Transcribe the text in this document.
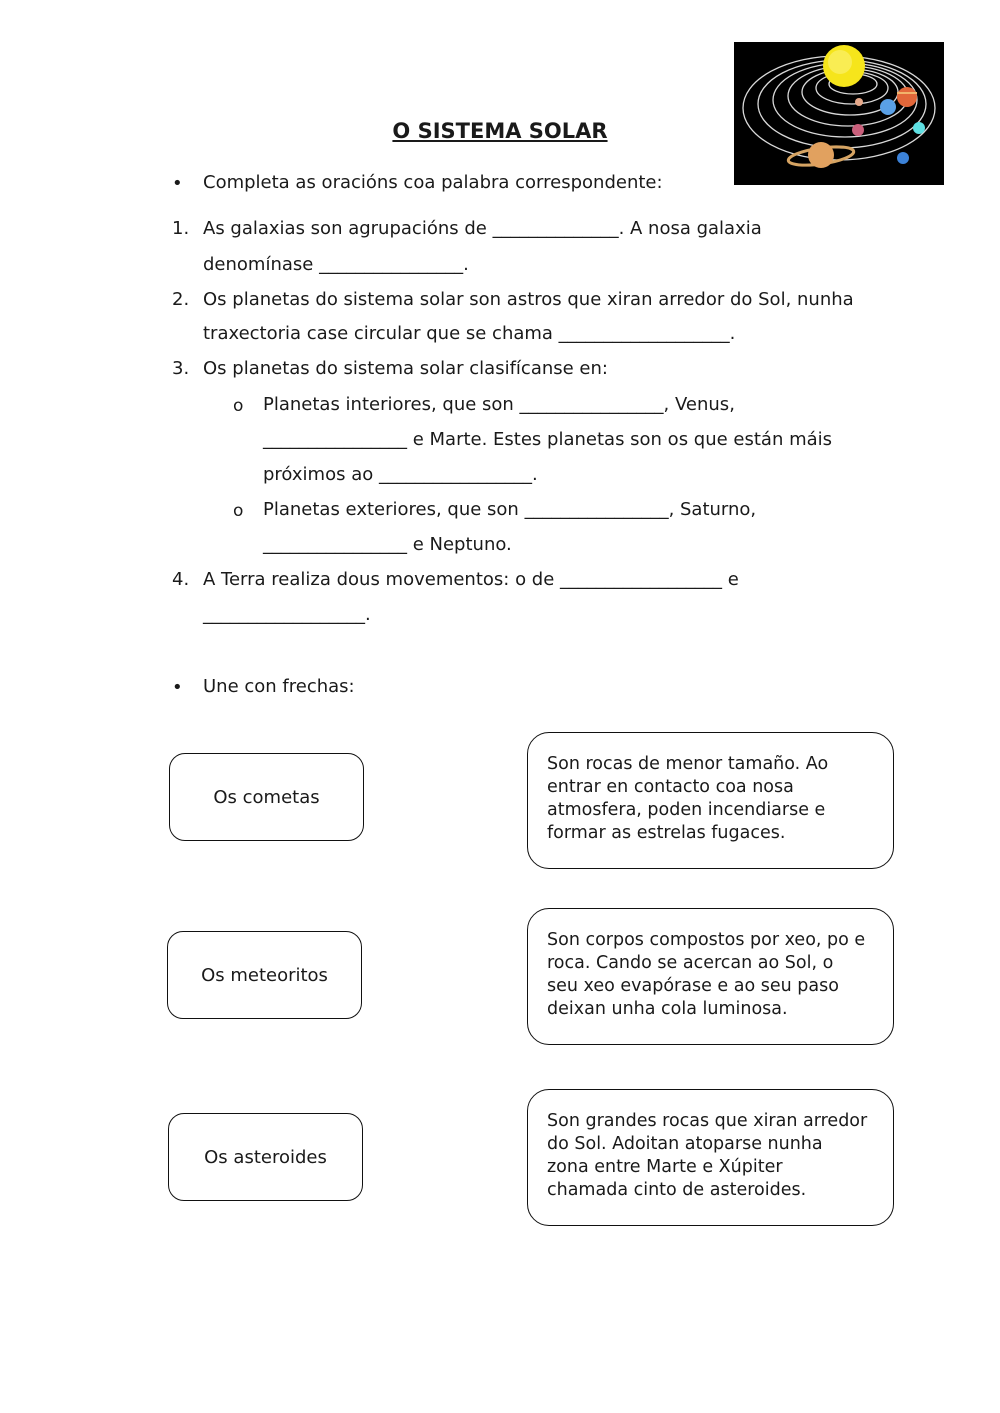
O SISTEMA SOLAR
• Completa as oracións coa palabra correspondente:
1. As galaxias son agrupacións de ______________. A nosa galaxia
denomínase ________________.
2. Os planetas do sistema solar son astros que xiran arredor do Sol, nunha
traxectoria case circular que se chama ___________________.
3. Os planetas do sistema solar clasifícanse en:
o Planetas interiores, que son ________________, Venus,
________________ e Marte. Estes planetas son os que están máis
próximos ao _________________.
o Planetas exteriores, que son ________________, Saturno,
________________ e Neptuno.
4. A Terra realiza dous movementos: o de __________________ e
__________________.
• Une con frechas:
Os cometas
Os meteoritos
Os asteroides
Son rocas de menor tamaño. Ao
entrar en contacto coa nosa
atmosfera, poden incendiarse e
formar as estrelas fugaces.
Son corpos compostos por xeo, po e
roca. Cando se acercan ao Sol, o
seu xeo evapórase e ao seu paso
deixan unha cola luminosa.
Son grandes rocas que xiran arredor
do Sol. Adoitan atoparse nunha
zona entre Marte e Xúpiter
chamada cinto de asteroides.
